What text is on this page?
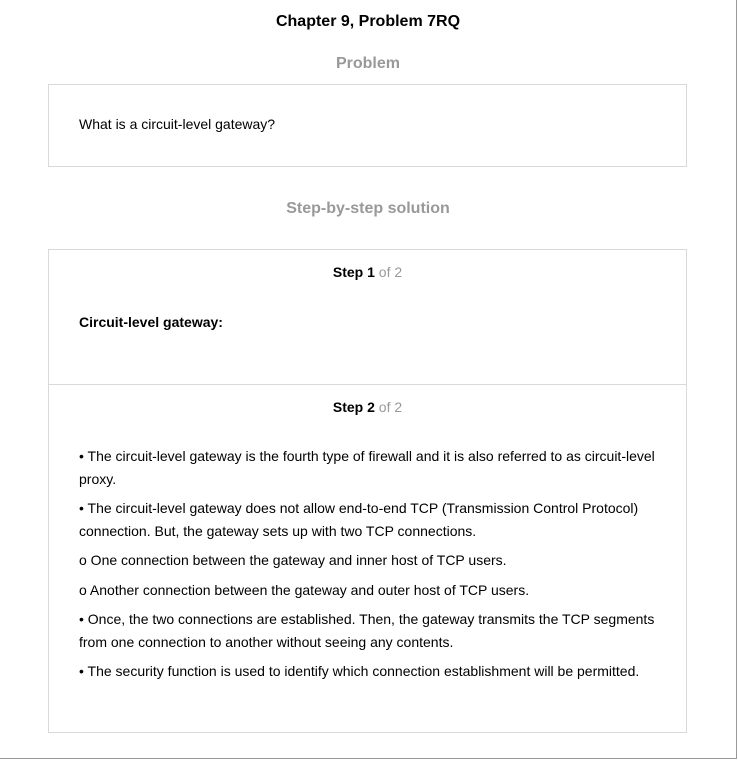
Chapter 9, Problem 7RQ
Problem
What is a circuit-level gateway?
Step-by-step solution
Step 1 of 2
Circuit-level gateway:
Step 2 of 2

• The circuit-level gateway is the fourth type of firewall and it is also referred to as circuit-level proxy.

• The circuit-level gateway does not allow end-to-end TCP (Transmission Control Protocol) connection. But, the gateway sets up with two TCP connections.

o One connection between the gateway and inner host of TCP users.

o Another connection between the gateway and outer host of TCP users.

• Once, the two connections are established. Then, the gateway transmits the TCP segments from one connection to another without seeing any contents.

• The security function is used to identify which connection establishment will be permitted.
